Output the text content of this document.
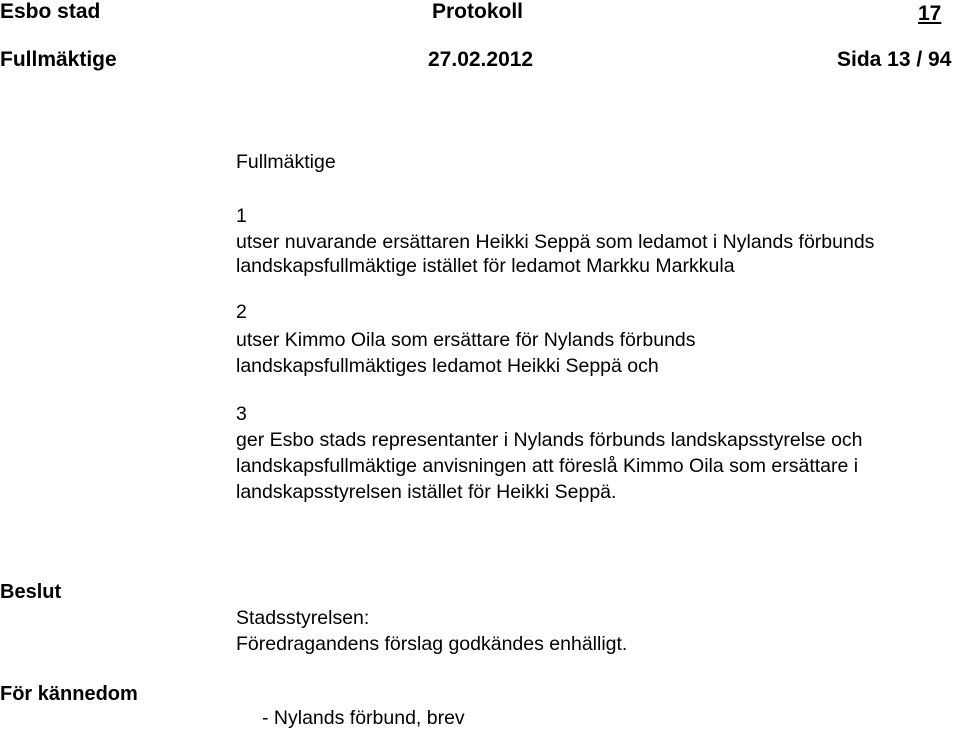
Esbo stad	Protokoll	17
Fullmäktige	27.02.2012	Sida 13 / 94
Fullmäktige
1
utser nuvarande ersättaren Heikki Seppä som ledamot i Nylands förbunds
landskapsfullmäktige istället för ledamot Markku Markkula
2
utser Kimmo Oila som ersättare för Nylands förbunds
landskapsfullmäktiges ledamot Heikki Seppä och
3
ger Esbo stads representanter i Nylands förbunds landskapsstyrelse och
landskapsfullmäktige anvisningen att föreslå Kimmo Oila som ersättare i
landskapsstyrelsen istället för Heikki Seppä.
Beslut
Stadsstyrelsen:
Föredragandens förslag godkändes enhälligt.
För kännedom
- Nylands förbund, brev
